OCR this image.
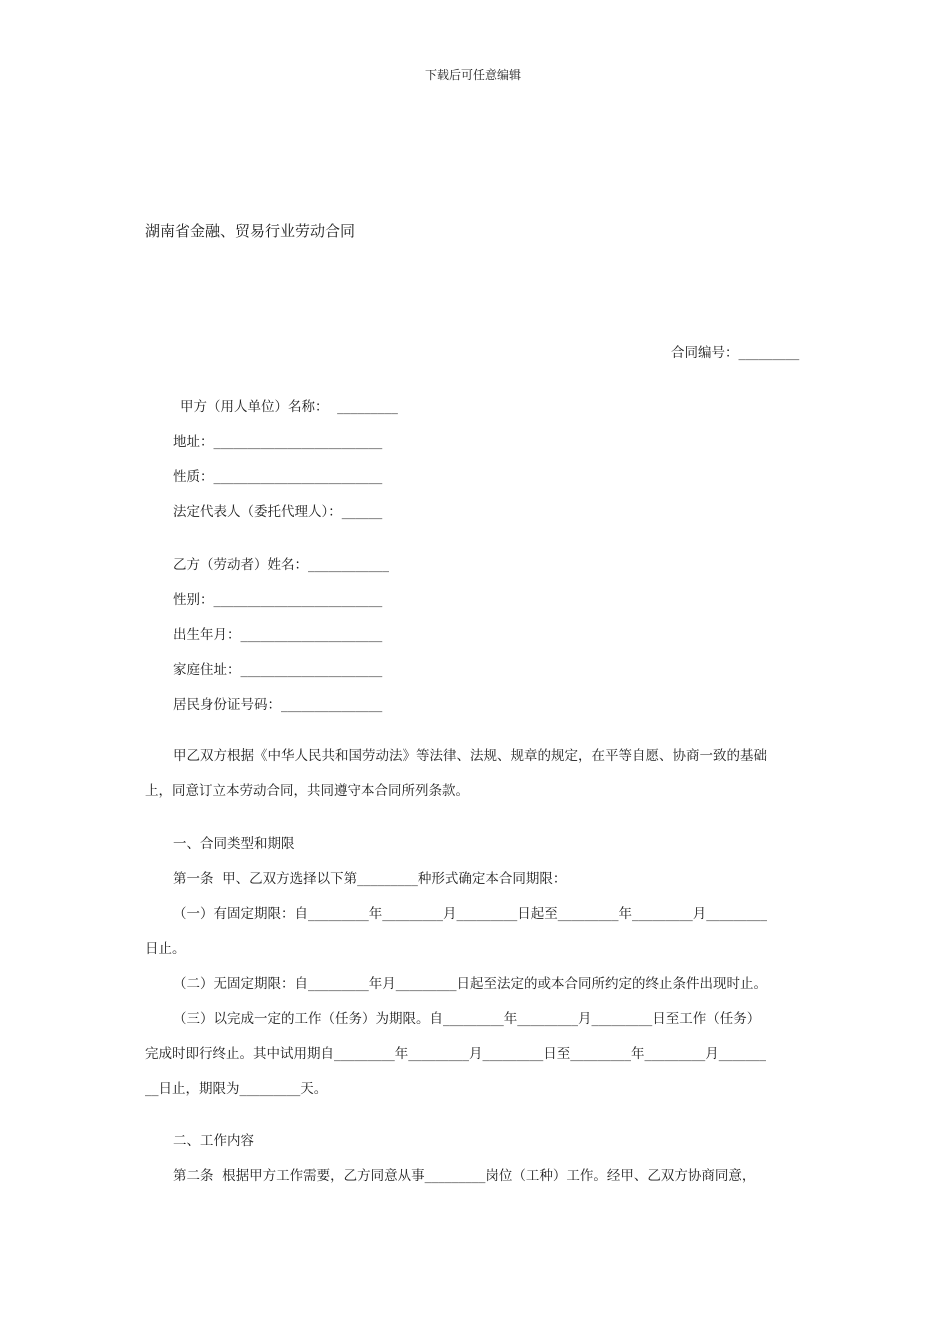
下载后可任意编辑
湖南省金融、贸易行业劳动合同
合同编号：_________
甲方（用人单位）名称：  _________
地址：_________________________
性质：_________________________
法定代表人（委托代理人）：______
乙方（劳动者）姓名：____________
性别：_________________________
出生年月：_____________________
家庭住址：_____________________
居民身份证号码：_______________
甲乙双方根据《中华人民共和国劳动法》等法律、法规、规章的规定，在平等自愿、协商一致的基础
上，同意订立本劳动合同，共同遵守本合同所列条款。
一、合同类型和期限
第一条  甲、乙双方选择以下第_________种形式确定本合同期限：
（一）有固定期限：自_________年_________月_________日起至_________年_________月_________
日止。
（二）无固定期限：自_________年月_________日起至法定的或本合同所约定的终止条件出现时止。
（三）以完成一定的工作（任务）为期限。自_________年_________月_________日至工作（任务）
完成时即行终止。其中试用期自_________年_________月_________日至_________年_________月_______
__日止，期限为_________天。
二、工作内容
第二条  根据甲方工作需要，乙方同意从事_________岗位（工种）工作。经甲、乙双方协商同意，
